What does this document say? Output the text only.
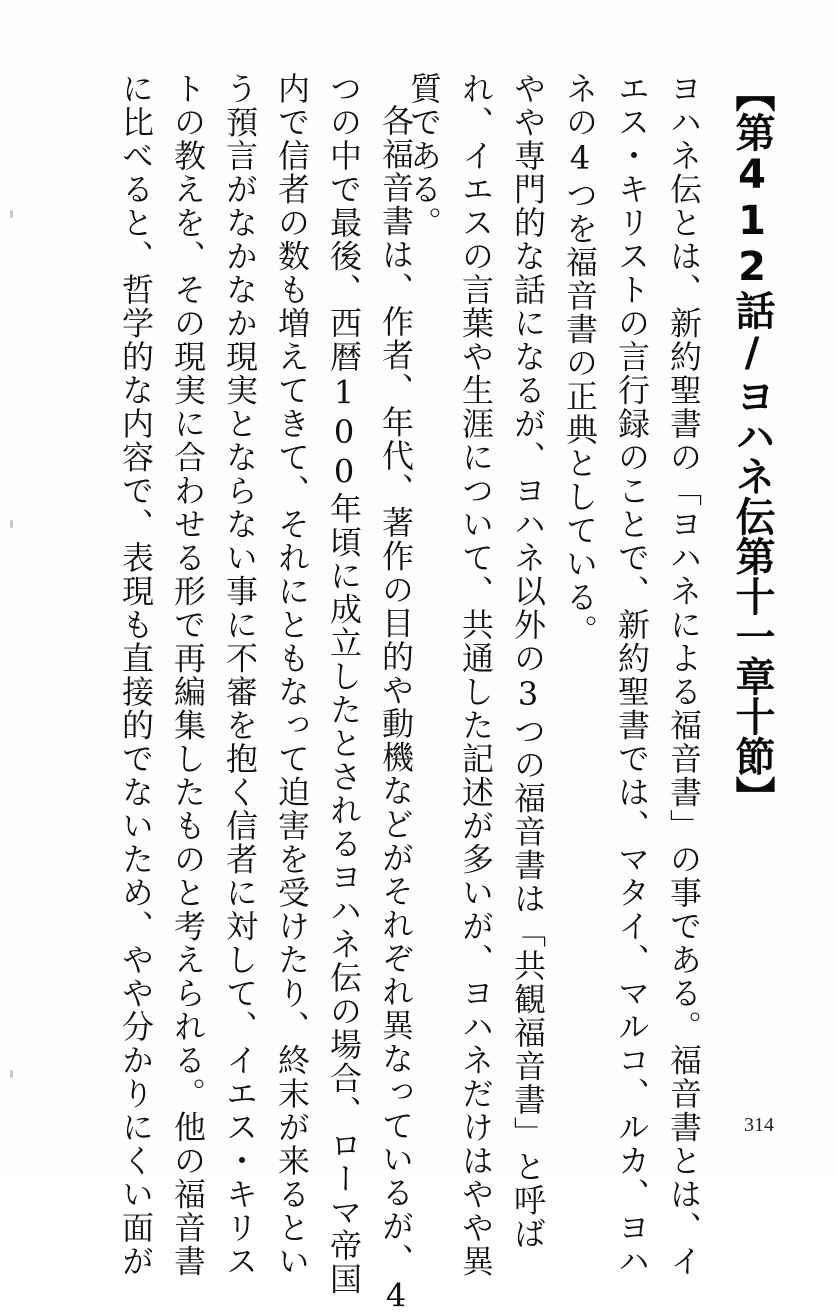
【第412話/ヨハネ伝第十一章十節】
ヨハネ伝とは、新約聖書の「ヨハネによる福音書」の事である。福音書とは、イ
エス・キリストの言行録のことで、新約聖書では、マタイ、マルコ、ルカ、ヨハ
ネの4つを福音書の正典としている。
やや専門的な話になるが、ヨハネ以外の3つの福音書は「共観福音書」と呼ば
れ、イエスの言葉や生涯について、共通した記述が多いが、ヨハネだけはやや異
質である。
各福音書は、作者、年代、著作の目的や動機などがそれぞれ異なっているが、4
つの中で最後、西暦100年頃に成立したとされるヨハネ伝の場合、ローマ帝国
内で信者の数も増えてきて、それにともなって迫害を受けたり、終末が来るとい
う預言がなかなか現実とならない事に不審を抱く信者に対して、イエス・キリス
トの教えを、その現実に合わせる形で再編集したものと考えられる。他の福音書
に比べると、哲学的な内容で、表現も直接的でないため、やや分かりにくい面が	314
